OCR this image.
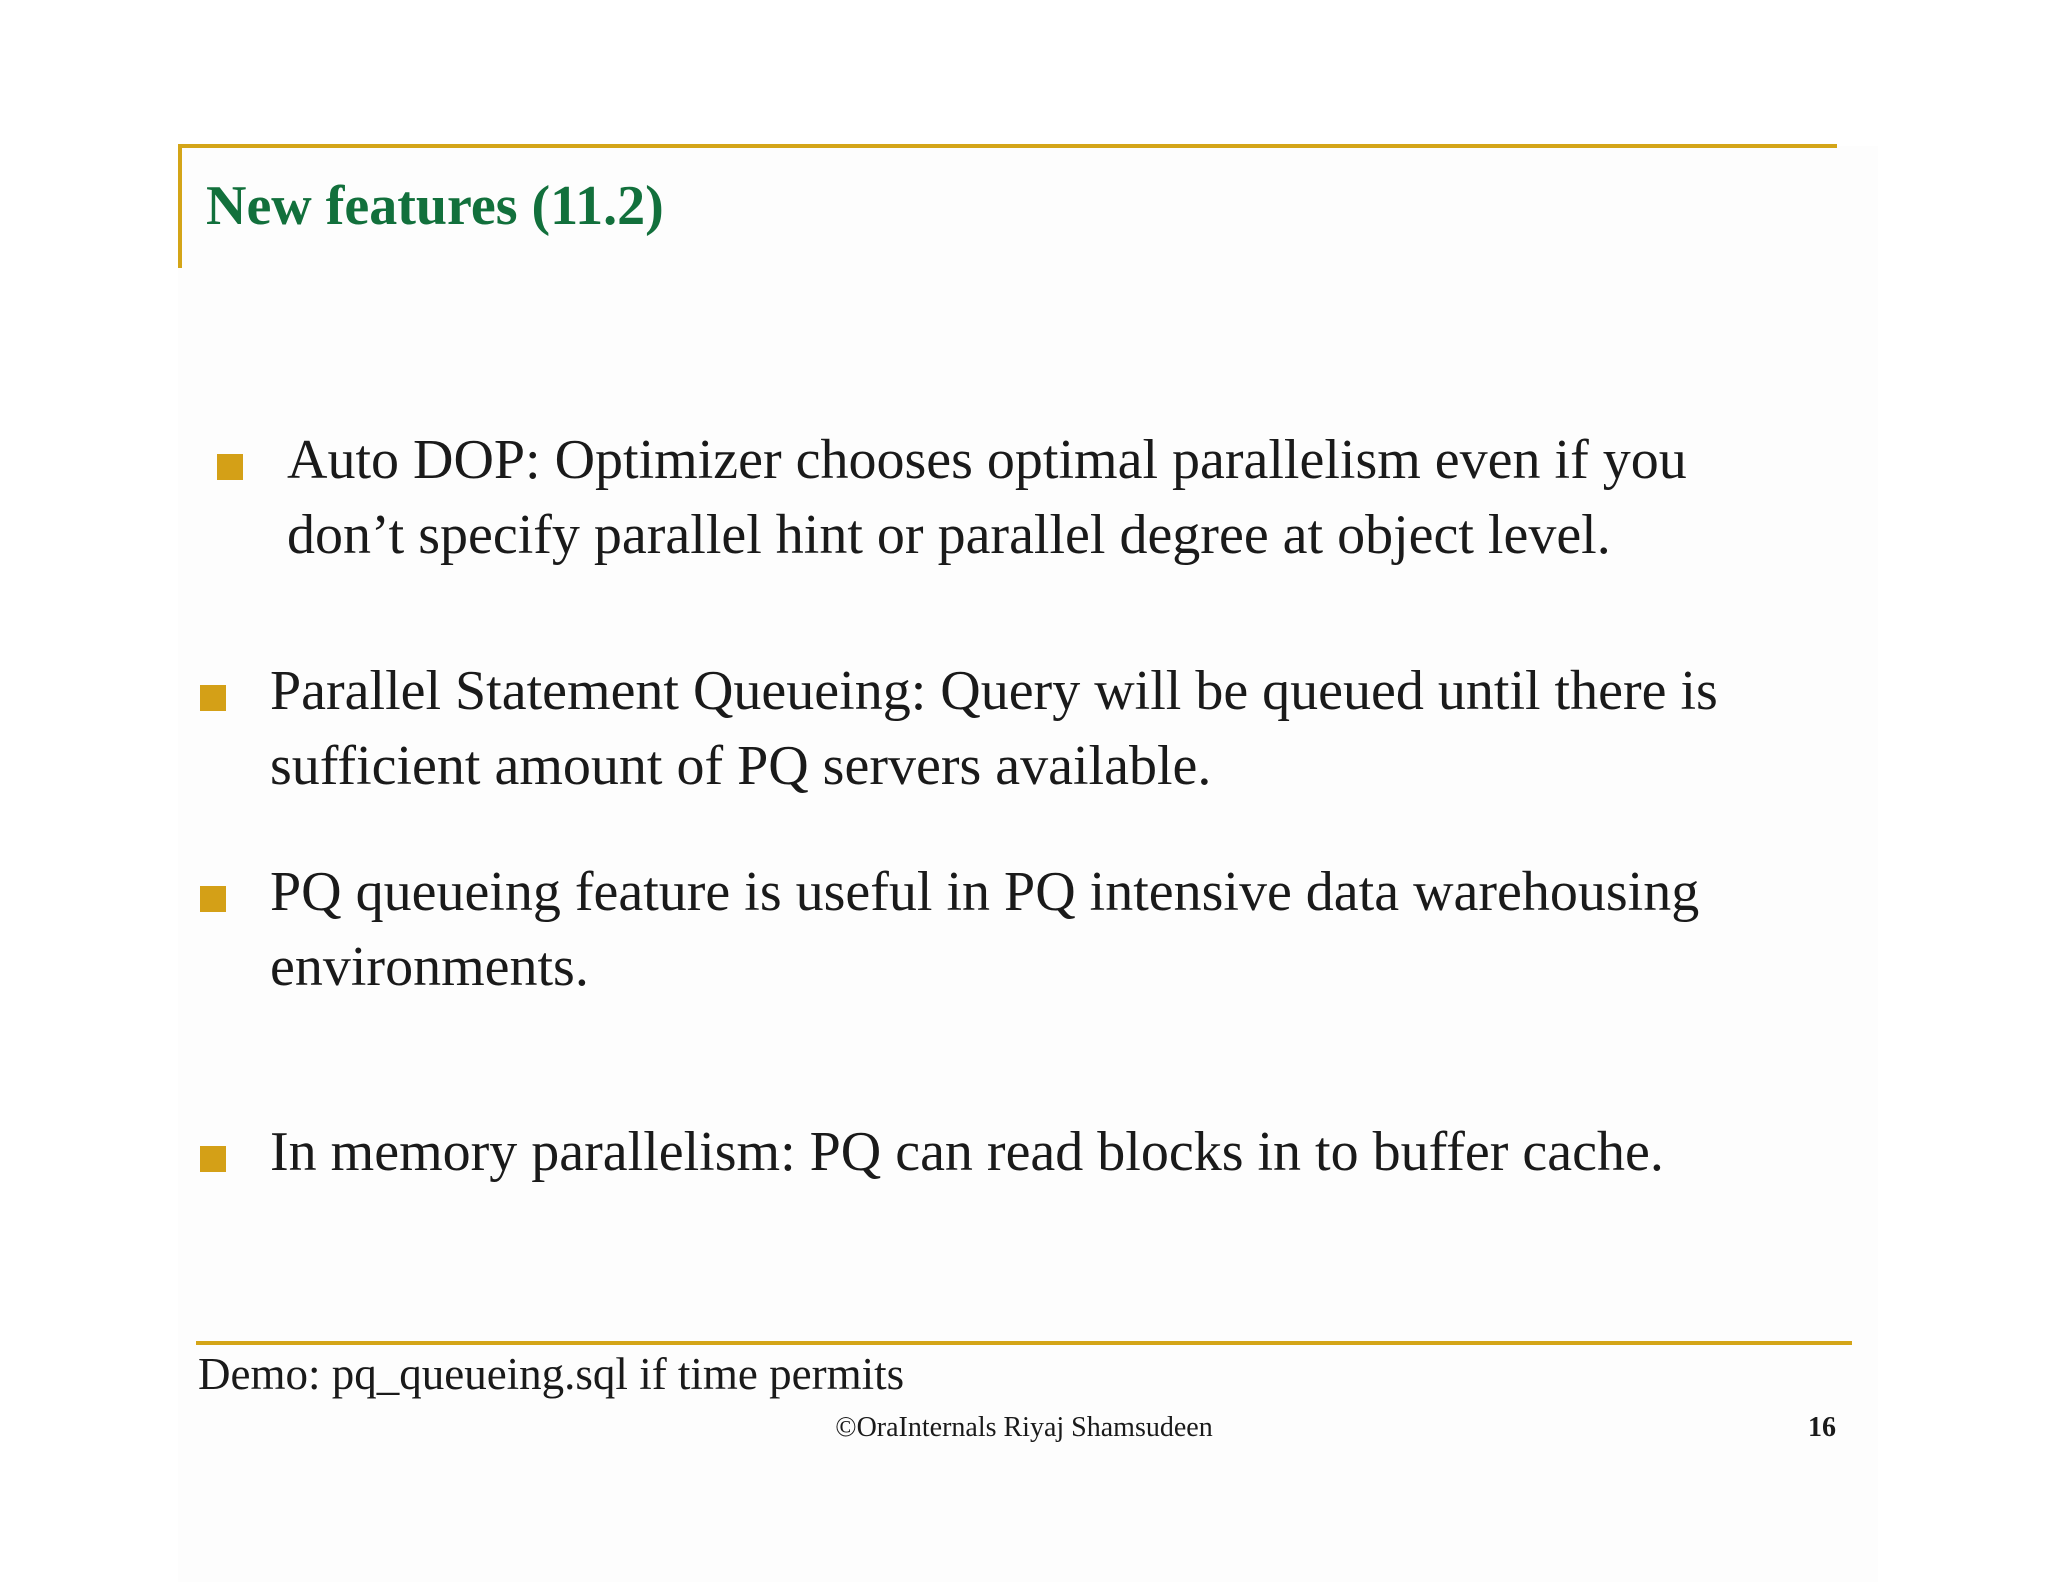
New features (11.2)
Auto DOP: Optimizer chooses optimal parallelism even if you don’t specify parallel hint or parallel degree at object level.
Parallel Statement Queueing: Query will be queued until there is sufficient amount of PQ servers available.
PQ queueing feature is useful in PQ intensive data warehousing environments.
In memory parallelism: PQ can read blocks in to buffer cache.
Demo: pq_queueing.sql if time permits
©OraInternals Riyaj Shamsudeen	16
